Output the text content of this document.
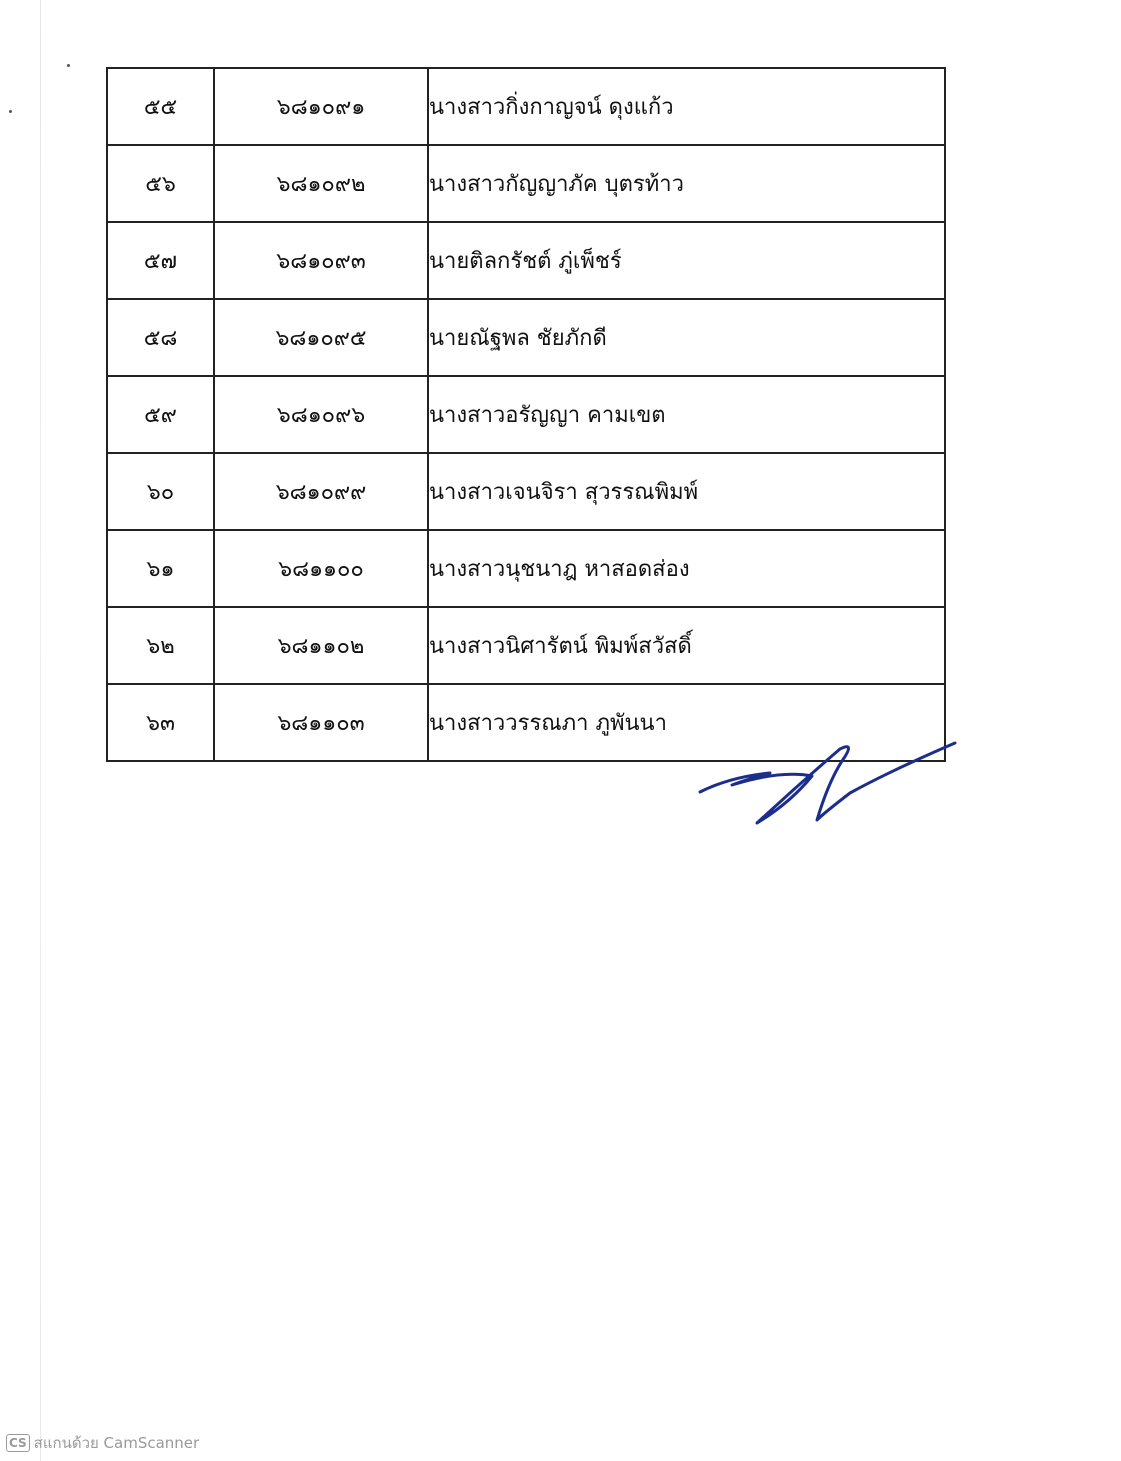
๕๕	๖๘๑๐๙๑	นางสาวกิ่งกาญจน์ ดุงแก้ว
๕๖	๖๘๑๐๙๒	นางสาวกัญญาภัค บุตรท้าว
๕๗	๖๘๑๐๙๓	นายติลกรัชต์ ภู่เพ็ชร์
๕๘	๖๘๑๐๙๕	นายณัฐพล ชัยภักดี
๕๙	๖๘๑๐๙๖	นางสาวอรัญญา คามเขต
๖๐	๖๘๑๐๙๙	นางสาวเจนจิรา สุวรรณพิมพ์
๖๑	๖๘๑๑๐๐	นางสาวนุชนาฎ หาสอดส่อง
๖๒	๖๘๑๑๐๒	นางสาวนิศารัตน์ พิมพ์สวัสดิ์
๖๓	๖๘๑๑๐๓	นางสาววรรณภา ภูพันนา
CS สแกนด้วย CamScanner
